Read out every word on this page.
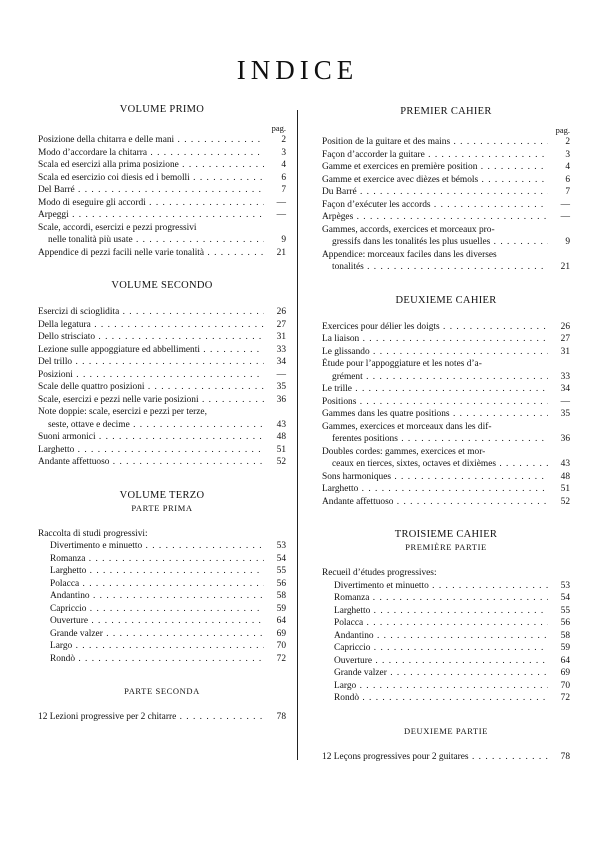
INDICE
VOLUME PRIMO
pag.
Posizione della chitarra e delle mani . .	2
Modo d’accordare la chitarra . .	3
Scala ed esercizi alla prima posizione . .	4
Scala ed esercizio coi diesis ed i bemolli . .	6
Del Barré . .	7
Modo di eseguire gli accordi . .	—
Arpeggi . .	—
Scale, accordi, esercizi e pezzi progressivi
nelle tonalità più usate . .	9
Appendice di pezzi facili nelle varie tonalità . .	21
VOLUME SECONDO
Esercizi di scioglidita . .	26
Della legatura . .	27
Dello strisciato . .	31
Lezione sulle appoggiature ed abbellimenti . .	33
Del trillo . .	34
Posizioni . .	—
Scale delle quattro posizioni . .	35
Scale, esercizi e pezzi nelle varie posizioni . .	36
Note doppie: scale, esercizi e pezzi per terze,
seste, ottave e decime . .	43
Suoni armonici . .	48
Larghetto . .	51
Andante affettuoso . .	52
VOLUME TERZO
PARTE PRIMA
Raccolta di studi progressivi:
Divertimento e minuetto . .	53
Romanza . .	54
Larghetto . .	55
Polacca . .	56
Andantino . .	58
Capriccio . .	59
Ouverture . .	64
Grande valzer . .	69
Largo . .	70
Rondò . .	72
PARTE SECONDA
12 Lezioni progressive per 2 chitarre . .	78
PREMIER CAHIER
pag.
Position de la guitare et des mains . .	2
Façon d’accorder la guitare . .	3
Gamme et exercices en première position . .	4
Gamme et exercice avec dièzes et bémols . .	6
Du Barré . .	7
Façon d’exécuter les accords . .	—
Arpèges . .	—
Gammes, accords, exercices et morceaux pro-
gressifs dans les tonalités les plus usuelles . .	9
Appendice: morceaux faciles dans les diverses
tonalités . .	21
DEUXIEME CAHIER
Exercices pour délier les doigts . .	26
La liaison . .	27
Le glissando . .	31
Étude pour l’appoggiature et les notes d’a-
grément . .	33
Le trille . .	34
Positions . .	—
Gammes dans les quatre positions . .	35
Gammes, exercices et morceaux dans les dif-
ferentes positions . .	36
Doubles cordes: gammes, exercices et mor-
ceaux en tierces, sixtes, octaves et dixièmes . .	43
Sons harmoniques . .	48
Larghetto . .	51
Andante affettuoso . .	52
TROISIEME CAHIER
PREMIÈRE PARTIE
Recueil d’études progressives:
Divertimento et minuetto . .	53
Romanza . .	54
Larghetto . .	55
Polacca . .	56
Andantino . .	58
Capriccio . .	59
Ouverture . .	64
Grande valzer . .	69
Largo . .	70
Rondò . .	72
DEUXIEME PARTIE
12 Leçons progressives pour 2 guitares . .	78
